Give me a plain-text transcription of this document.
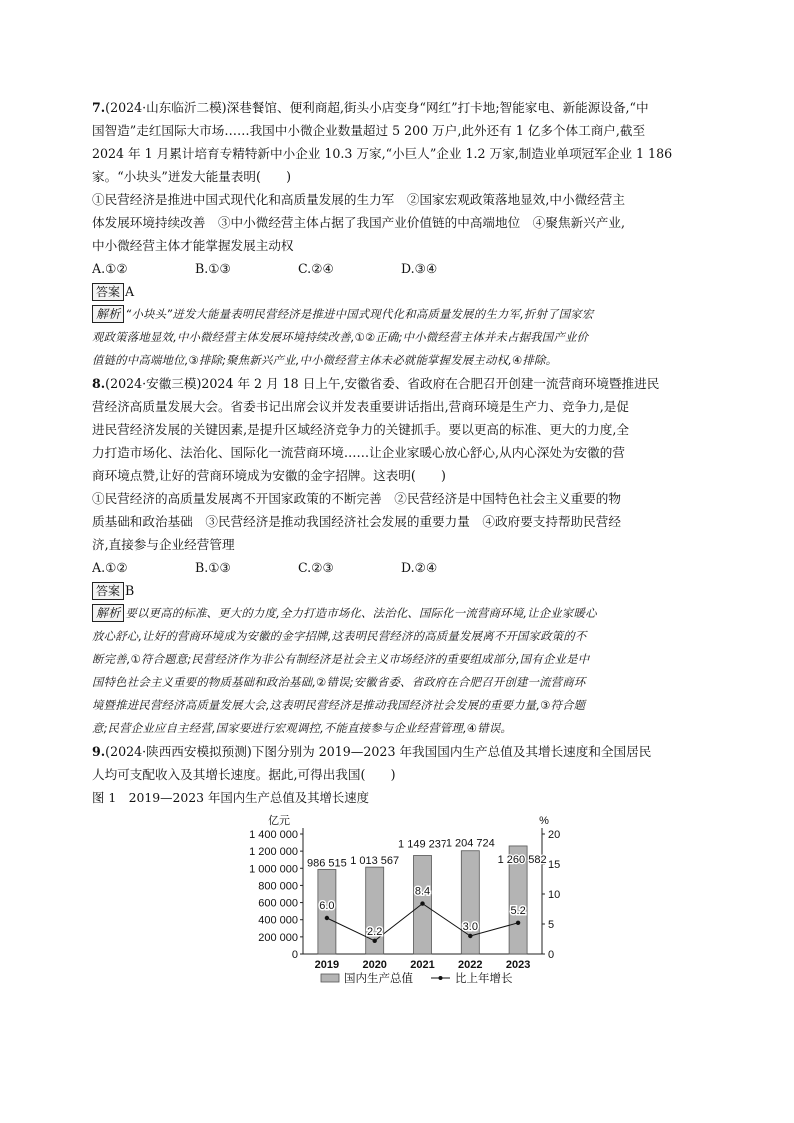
7.(2024·山东临沂二模)深巷餐馆、便利商超,街头小店变身“网红”打卡地;智能家电、新能源设备,“中
国智造”走红国际大市场……我国中小微企业数量超过 5 200 万户,此外还有 1 亿多个体工商户,截至
2024 年 1 月累计培育专精特新中小企业 10.3 万家,“小巨人”企业 1.2 万家,制造业单项冠军企业 1 186
家。“小块头”迸发大能量表明(　　)
①民营经济是推进中国式现代化和高质量发展的生力军　②国家宏观政策落地显效,中小微经营主
体发展环境持续改善　③中小微经营主体占据了我国产业价值链的中高端地位　④聚焦新兴产业,
中小微经营主体才能掌握发展主动权
A.①②	B.①③	C.②④	D.③④
答案 A
解析 “小块头”迸发大能量表明民营经济是推进中国式现代化和高质量发展的生力军,折射了国家宏
观政策落地显效,中小微经营主体发展环境持续改善,①②正确;中小微经营主体并未占据我国产业价
值链的中高端地位,③排除;聚焦新兴产业,中小微经营主体未必就能掌握发展主动权,④排除。
8.(2024·安徽三模)2024 年 2 月 18 日上午,安徽省委、省政府在合肥召开创建一流营商环境暨推进民
营经济高质量发展大会。省委书记出席会议并发表重要讲话指出,营商环境是生产力、竞争力,是促
进民营经济发展的关键因素,是提升区域经济竞争力的关键抓手。要以更高的标准、更大的力度,全
力打造市场化、法治化、国际化一流营商环境……让企业家暖心放心舒心,从内心深处为安徽的营
商环境点赞,让好的营商环境成为安徽的金字招牌。这表明(　　)
①民营经济的高质量发展离不开国家政策的不断完善　②民营经济是中国特色社会主义重要的物
质基础和政治基础　③民营经济是推动我国经济社会发展的重要力量　④政府要支持帮助民营经
济,直接参与企业经营管理
A.①②	B.①③	C.②③	D.②④
答案 B
解析 要以更高的标准、更大的力度,全力打造市场化、法治化、国际化一流营商环境,让企业家暖心
放心舒心,让好的营商环境成为安徽的金字招牌,这表明民营经济的高质量发展离不开国家政策的不
断完善,①符合题意;民营经济作为非公有制经济是社会主义市场经济的重要组成部分,国有企业是中
国特色社会主义重要的物质基础和政治基础,②错误;安徽省委、省政府在合肥召开创建一流营商环
境暨推进民营经济高质量发展大会,这表明民营经济是推动我国经济社会发展的重要力量,③符合题
意;民营企业应自主经营,国家要进行宏观调控,不能直接参与企业经营管理,④错误。
9.(2024·陕西西安模拟预测)下图分别为 2019—2023 年我国国内生产总值及其增长速度和全国居民
人均可支配收入及其增长速度。据此,可得出我国(　　)
图 1　2019—2023 年国内生产总值及其增长速度
0
200 000
400 000
600 000
800 000
1 000 000
1 200 000
1 400 000
0
5
10
15
20
亿元	%
986 515 1 013 567
1 149 237
1 204 724
1 260 582
6.0
2.2
8.4
3.0
5.2
2019 2020 2021 2022 2023
国内生产总值	比上年增长
